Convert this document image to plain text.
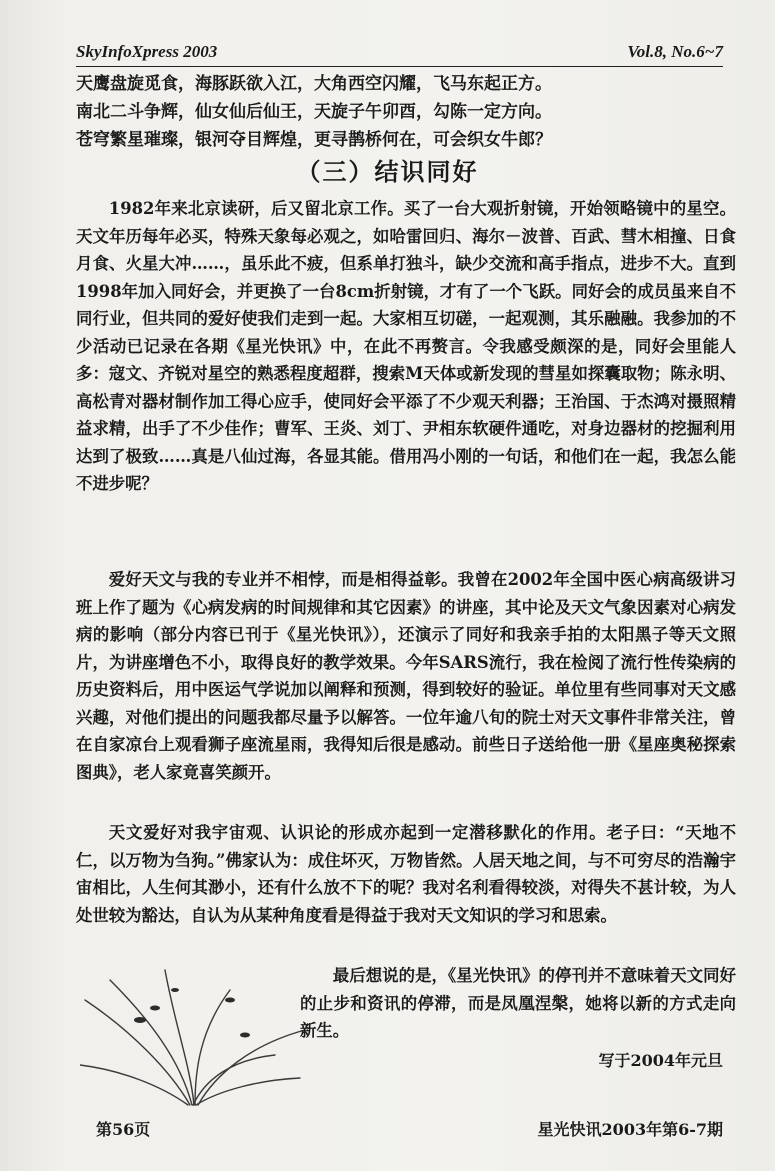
SkyInfoXpress 2003	Vol.8, No.6~7

天鹰盘旋觅食，海豚跃欲入江，大角西空闪耀，飞马东起正方。

南北二斗争辉，仙女仙后仙王，天旋子午卯酉，勾陈一定方向。

苍穹繁星璀璨，银河夺目辉煌，更寻鹊桥何在，可会织女牛郎？

（三）结识同好

1982年来北京读研，后又留北京工作。买了一台大观折射镜，开始领略镜中的星空。天文年历每年必买，特殊天象每必观之，如哈雷回归、海尔－波普、百武、彗木相撞、日食月食、火星大冲……，虽乐此不疲，但系单打独斗，缺少交流和高手指点，进步不大。直到1998年加入同好会，并更换了一台8cm折射镜，才有了一个飞跃。同好会的成员虽来自不同行业，但共同的爱好使我们走到一起。大家相互切磋，一起观测，其乐融融。我参加的不少活动已记录在各期《星光快讯》中，在此不再赘言。令我感受颇深的是，同好会里能人多：寇文、齐锐对星空的熟悉程度超群，搜索M天体或新发现的彗星如探囊取物；陈永明、高松青对器材制作加工得心应手，使同好会平添了不少观天利器；王治国、于杰鸿对摄照精益求精，出手了不少佳作；曹军、王炎、刘丁、尹相东软硬件通吃，对身边器材的挖掘利用达到了极致……真是八仙过海，各显其能。借用冯小刚的一句话，和他们在一起，我怎么能不进步呢？

爱好天文与我的专业并不相悖，而是相得益彰。我曾在2002年全国中医心病高级讲习班上作了题为《心病发病的时间规律和其它因素》的讲座，其中论及天文气象因素对心病发病的影响（部分内容已刊于《星光快讯》），还演示了同好和我亲手拍的太阳黑子等天文照片，为讲座增色不小，取得良好的教学效果。今年SARS流行，我在检阅了流行性传染病的历史资料后，用中医运气学说加以阐释和预测，得到较好的验证。单位里有些同事对天文感兴趣，对他们提出的问题我都尽量予以解答。一位年逾八旬的院士对天文事件非常关注，曾在自家凉台上观看狮子座流星雨，我得知后很是感动。前些日子送给他一册《星座奥秘探索图典》，老人家竟喜笑颜开。

天文爱好对我宇宙观、认识论的形成亦起到一定潜移默化的作用。老子曰：“天地不仁，以万物为刍狗。”佛家认为：成住坏灭，万物皆然。人居天地之间，与不可穷尽的浩瀚宇宙相比，人生何其渺小，还有什么放不下的呢？我对名利看得较淡，对得失不甚计较，为人处世较为豁达，自认为从某种角度看是得益于我对天文知识的学习和思索。

最后想说的是，《星光快讯》的停刊并不意味着天文同好的止步和资讯的停滞，而是凤凰涅槃，她将以新的方式走向新生。

写于2004年元旦
第56页	星光快讯2003年第6-7期
